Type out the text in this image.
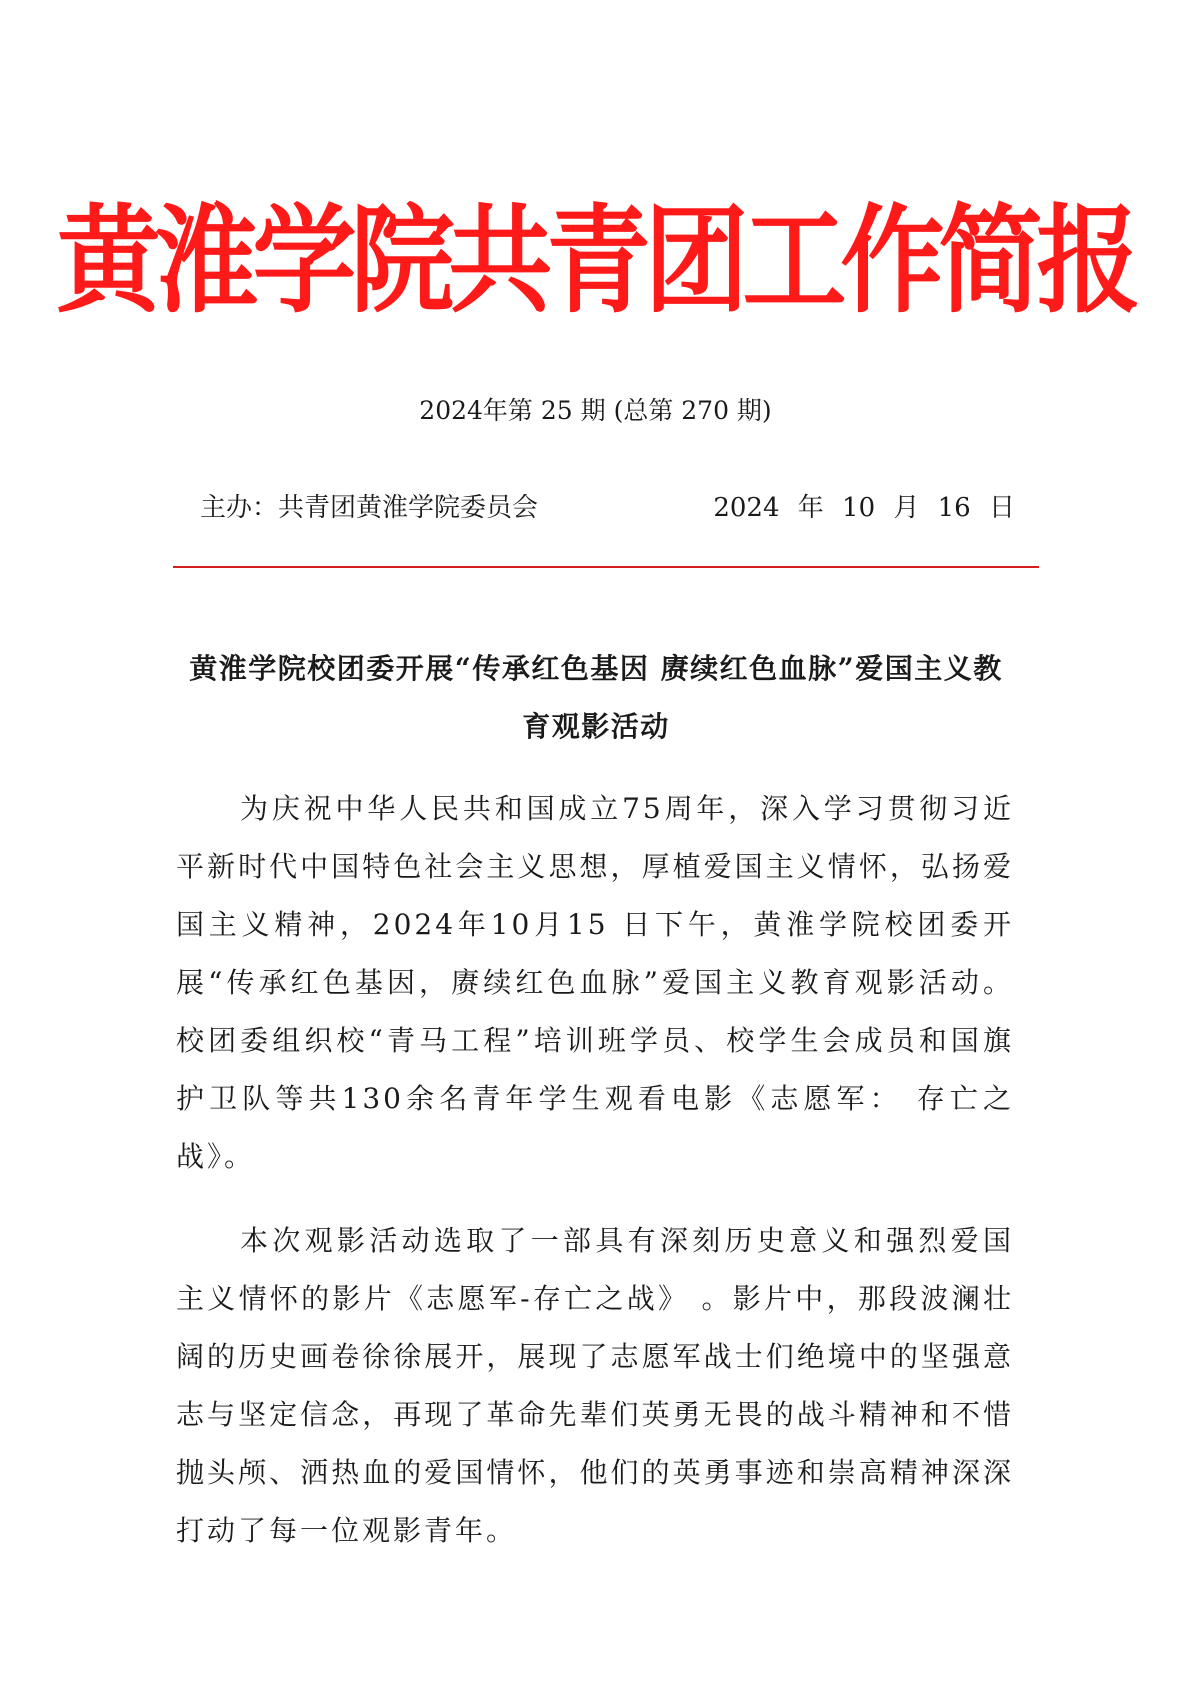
黄淮学院共青团工作简报
2024年第 25 期 (总第 270 期)
主办：共青团黄淮学院委员会	2024 年 10 月 16 日
黄淮学院校团委开展“传承红色基因 赓续红色血脉”爱国主义教育观影活动

为庆祝中华人民共和国成立75周年，深入学习贯彻习近平新时代中国特色社会主义思想，厚植爱国主义情怀，弘扬爱国主义精神，2024年10月15 日下午，黄淮学院校团委开展“传承红色基因，赓续红色血脉”爱国主义教育观影活动。校团委组织校“青马工程”培训班学员、校学生会成员和国旗护卫队等共130余名青年学生观看电影《志愿军： 存亡之战》。

本次观影活动选取了一部具有深刻历史意义和强烈爱国主义情怀的影片《志愿军-存亡之战》 。影片中，那段波澜壮阔的历史画卷徐徐展开，展现了志愿军战士们绝境中的坚强意志与坚定信念，再现了革命先辈们英勇无畏的战斗精神和不惜抛头颅、洒热血的爱国情怀，他们的英勇事迹和崇高精神深深打动了每一位观影青年。
